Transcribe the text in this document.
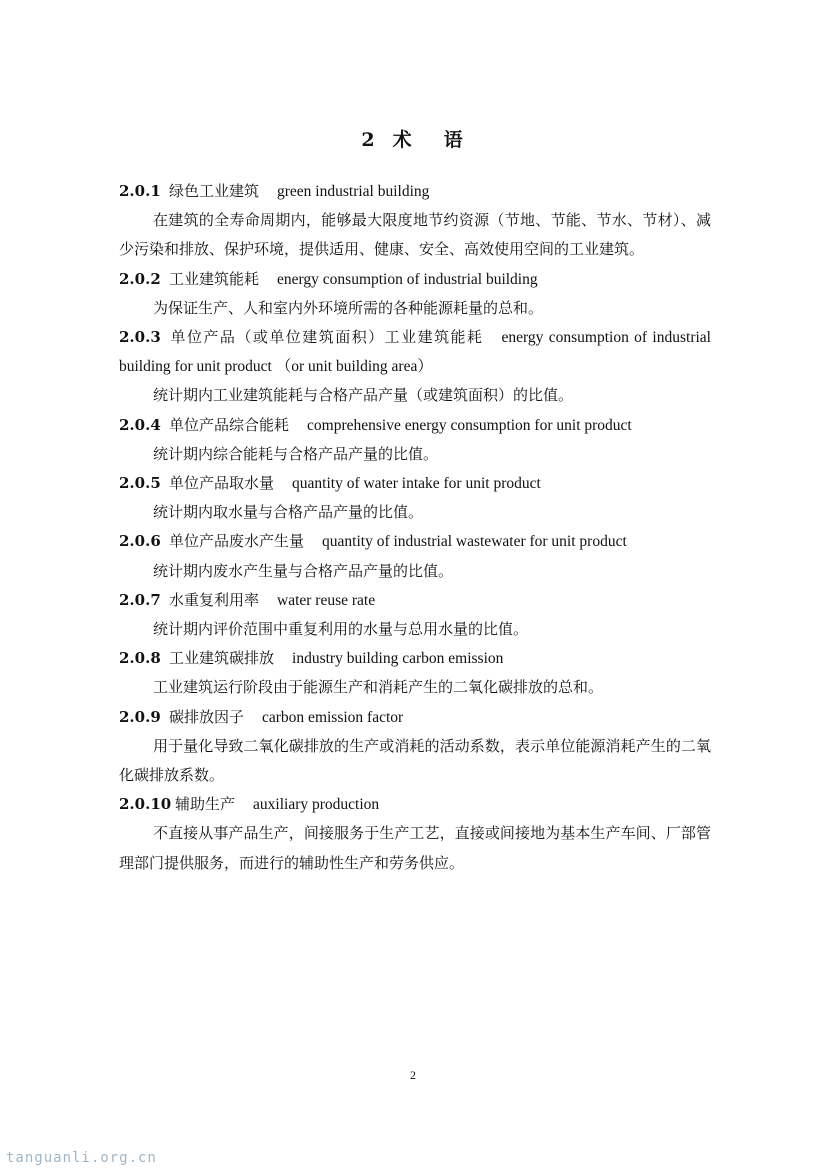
2 术 语
2.0.1 绿色工业建筑 green industrial building
在建筑的全寿命周期内，能够最大限度地节约资源（节地、节能、节水、节材）、减少污染和排放、保护环境，提供适用、健康、安全、高效使用空间的工业建筑。
2.0.2 工业建筑能耗 energy consumption of industrial building
为保证生产、人和室内外环境所需的各种能源耗量的总和。
2.0.3 单位产品（或单位建筑面积）工业建筑能耗 energy consumption of industrial building for unit product （or unit building area）
统计期内工业建筑能耗与合格产品产量（或建筑面积）的比值。
2.0.4 单位产品综合能耗 comprehensive energy consumption for unit product
统计期内综合能耗与合格产品产量的比值。
2.0.5 单位产品取水量 quantity of water intake for unit product
统计期内取水量与合格产品产量的比值。
2.0.6 单位产品废水产生量 quantity of industrial wastewater for unit product
统计期内废水产生量与合格产品产量的比值。
2.0.7 水重复利用率 water reuse rate
统计期内评价范围中重复利用的水量与总用水量的比值。
2.0.8 工业建筑碳排放 industry building carbon emission
工业建筑运行阶段由于能源生产和消耗产生的二氧化碳排放的总和。
2.0.9 碳排放因子 carbon emission factor
用于量化导致二氧化碳排放的生产或消耗的活动系数，表示单位能源消耗产生的二氧化碳排放系数。
2.0.10 辅助生产 auxiliary production
不直接从事产品生产，间接服务于生产工艺，直接或间接地为基本生产车间、厂部管理部门提供服务，而进行的辅助性生产和劳务供应。
2
tanguanli.org.cn
